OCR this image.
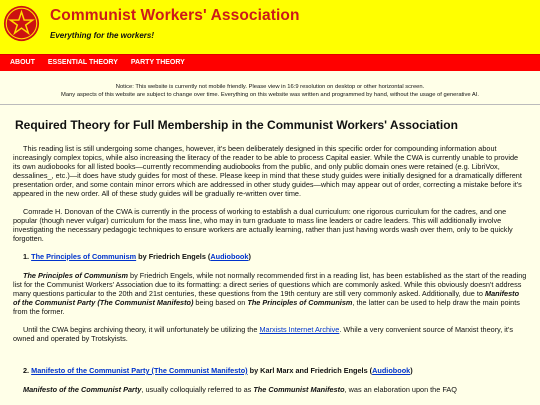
Communist Workers' Association
Everything for the workers!
ABOUT	ESSENTIAL THEORY	PARTY THEORY
Notice: This website is currently not mobile friendly. Please view in 16:9 resolution on desktop or other horizontal screen.
Many aspects of this website are subject to change over time. Everything on this website was written and programmed by hand, without the usage of generative AI.
Required Theory for Full Membership in the Communist Workers' Association

This reading list is still undergoing some changes, however, it's been deliberately designed in this specific order for compounding information about increasingly complex topics, while also increasing the literacy of the reader to be able to process Capital easier. While the CWA is currently unable to provide its own audiobooks for all listed books—currently recommending audiobooks from the public, and only public domain ones were retained (e.g. LibriVox, dessalines_, etc.)—it does have study guides for most of these. Please keep in mind that these study guides were initially designed for a dramatically different presentation order, and some contain minor errors which are addressed in other study guides—which may appear out of order, correcting a mistake before it's appeared in the new order. All of these study guides will be gradually re-written over time.

Comrade H. Donovan of the CWA is currently in the process of working to establish a dual curriculum: one rigorous curriculum for the cadres, and one popular (though never vulgar) curriculum for the mass line, who may in turn graduate to mass line leaders or cadre leaders. This will additionally involve investigating the necessary pedagogic techniques to ensure workers are actually learning, rather than just having words wash over them, only to be quickly forgotten.

1. The Principles of Communism by Friedrich Engels (Audiobook)

The Principles of Communism by Friedrich Engels, while not normally recommended first in a reading list, has been established as the start of the reading list for the Communist Workers' Association due to its formatting: a direct series of questions which are commonly asked. While this obviously doesn't address many questions particular to the 20th and 21st centuries, these questions from the 19th century are still very commonly asked. Additionally, due to Manifesto of the Communist Party (The Communist Manifesto) being based on The Principles of Communism, the latter can be used to help draw the main points from the former.

Until the CWA begins archiving theory, it will unfortunately be utilizing the Marxists Internet Archive. While a very convenient source of Marxist theory, it's owned and operated by Trotskyists.

2. Manifesto of the Communist Party (The Communist Manifesto) by Karl Marx and Friedrich Engels (Audiobook)

Manifesto of the Communist Party, usually colloquially referred to as The Communist Manifesto, was an elaboration upon the FAQ
